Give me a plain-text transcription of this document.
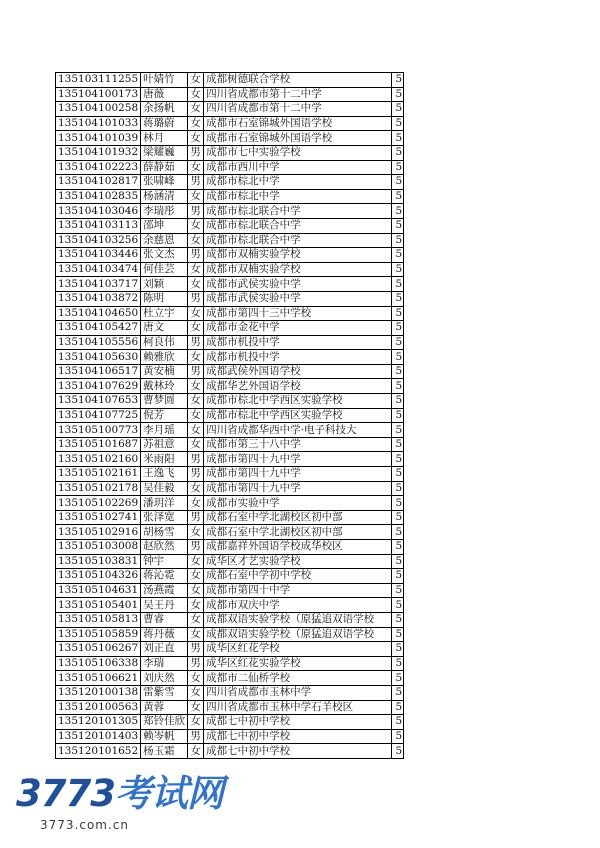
135103111255	叶婧竹	女	成都树德联合学校	5
135104100173	唐薇	女	四川省成都市第十二中学	5
135104100258	余扬帆	女	四川省成都市第十二中学	5
135104101033	蒋璐蔚	女	成都市石室锦城外国语学校	5
135104101039	林月	女	成都市石室锦城外国语学校	5
135104101932	梁耀巍	男	成都市七中实验学校	5
135104102223	薛静茹	女	成都市西川中学	5
135104102817	张啸峰	男	成都市棕北中学	5
135104102835	杨涵清	女	成都市棕北中学	5
135104103046	李瑞彤	男	成都市棕北联合中学	5
135104103113	邵坤	女	成都市棕北联合中学	5
135104103256	余慈恩	女	成都市棕北联合中学	5
135104103446	张文杰	男	成都市双楠实验学校	5
135104103474	何佳芸	女	成都市双楠实验学校	5
135104103717	刘颖	女	成都市武侯实验中学	5
135104103872	陈明	男	成都市武侯实验中学	5
135104104650	杜立宇	女	成都市第四十三中学校	5
135104105427	唐文	女	成都市金花中学	5
135104105556	柯良伟	男	成都市机投中学	5
135104105630	赖雅欣	女	成都市机投中学	5
135104106517	黄安楠	男	成都武侯外国语学校	5
135104107629	戴林玲	女	成都华艺外国语学校	5
135104107653	曹梦圆	女	成都市棕北中学西区实验学校	5
135104107725	倪芳	女	成都市棕北中学西区实验学校	5
135105100773	李月瑶	女	四川省成都华西中学·电子科技大	5
135105101687	苏祖意	女	成都市第三十八中学	5
135105102160	米雨阳	男	成都市第四十九中学	5
135105102161	王逸飞	男	成都市第四十九中学	5
135105102178	吴佳毅	女	成都市第四十九中学	5
135105102269	潘玥洋	女	成都市实验中学	5
135105102741	张泽宽	男	成都石室中学北湖校区初中部	5
135105102916	胡杨雪	女	成都石室中学北湖校区初中部	5
135105103008	赵欣然	男	成都嘉祥外国语学校成华校区	5
135105103831	钟宇	女	成华区才艺实验学校	5
135105104326	蒋沁霓	女	成都石室中学初中学校	5
135105104631	汤燕霞	女	成都市第四十中学	5
135105105401	吴王丹	女	成都市双庆中学	5
135105105813	曹睿	女	成都双语实验学校（原猛追双语学校	5
135105105859	蒋丹薇	女	成都双语实验学校（原猛追双语学校	5
135105106267	刘正直	男	成华区红花学校	5
135105106338	李瑞	男	成华区红花实验学校	5
135105106621	刘庆然	女	成都市二仙桥学校	5
135120100138	雷紫雪	女	四川省成都市玉林中学	5
135120100563	黄蓉	女	四川省成都市玉林中学石羊校区	5
135120101305	郑铃佳欣	女	成都七中初中学校	5
135120101403	赖岑帆	男	成都七中初中学校	5
135120101652	杨玉霜	女	成都七中初中学校	5
3773考试网
3773.com.cn
